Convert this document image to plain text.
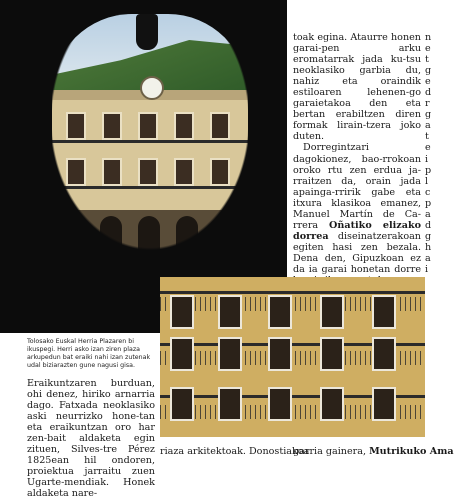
toak egina. Ataurre honen garai-pen arku eromatarrak jada ku-tsu neoklasiko garbia du, nahiz eta oraindik estiloaren lehenen-go garaietakoa den eta bertan erabiltzen diren formak lirain-tzera joko duten.

Dorregintzari dagokionez, bao-rrokoan oroko rtu zen erdua ja-rraitzen da, orain jada apainga-rririk gabe eta itxura klasikoa emanez, Manuel Martín de Ca-rrera Oñatiko elizako dorrea diseinatzerakoan egiten hasi zen bezala. Dena den, Gipuzkoan ez da ia garai honetan dorre

n
e
t
g
e
d
r
g
a
t
e
i
p
l
c
p
a
d
g
h
a
i
Tolosako Euskal Herria Plazaren bi ikuspegi. Herri asko izan ziren plaza arkupedun bat eraiki nahi izan zutenak udal biziarazten gune nagusi gisa.

Eraikuntzaren burduan, ohi denez, hiriko arnarria dago. Fatxada neoklasiko aski neurrizko hone-tan eta eraikuntzan oro har zen-bait aldaketa egin zituen, Silves-tre Pérez 1825ean hil ondoren, proiektua jarraitu zuen Ugarte-mendiak. Honek aldaketa nare-

riaza arkitektoak. Donostiakoa
garria gainera, Mutrikuko Ama
